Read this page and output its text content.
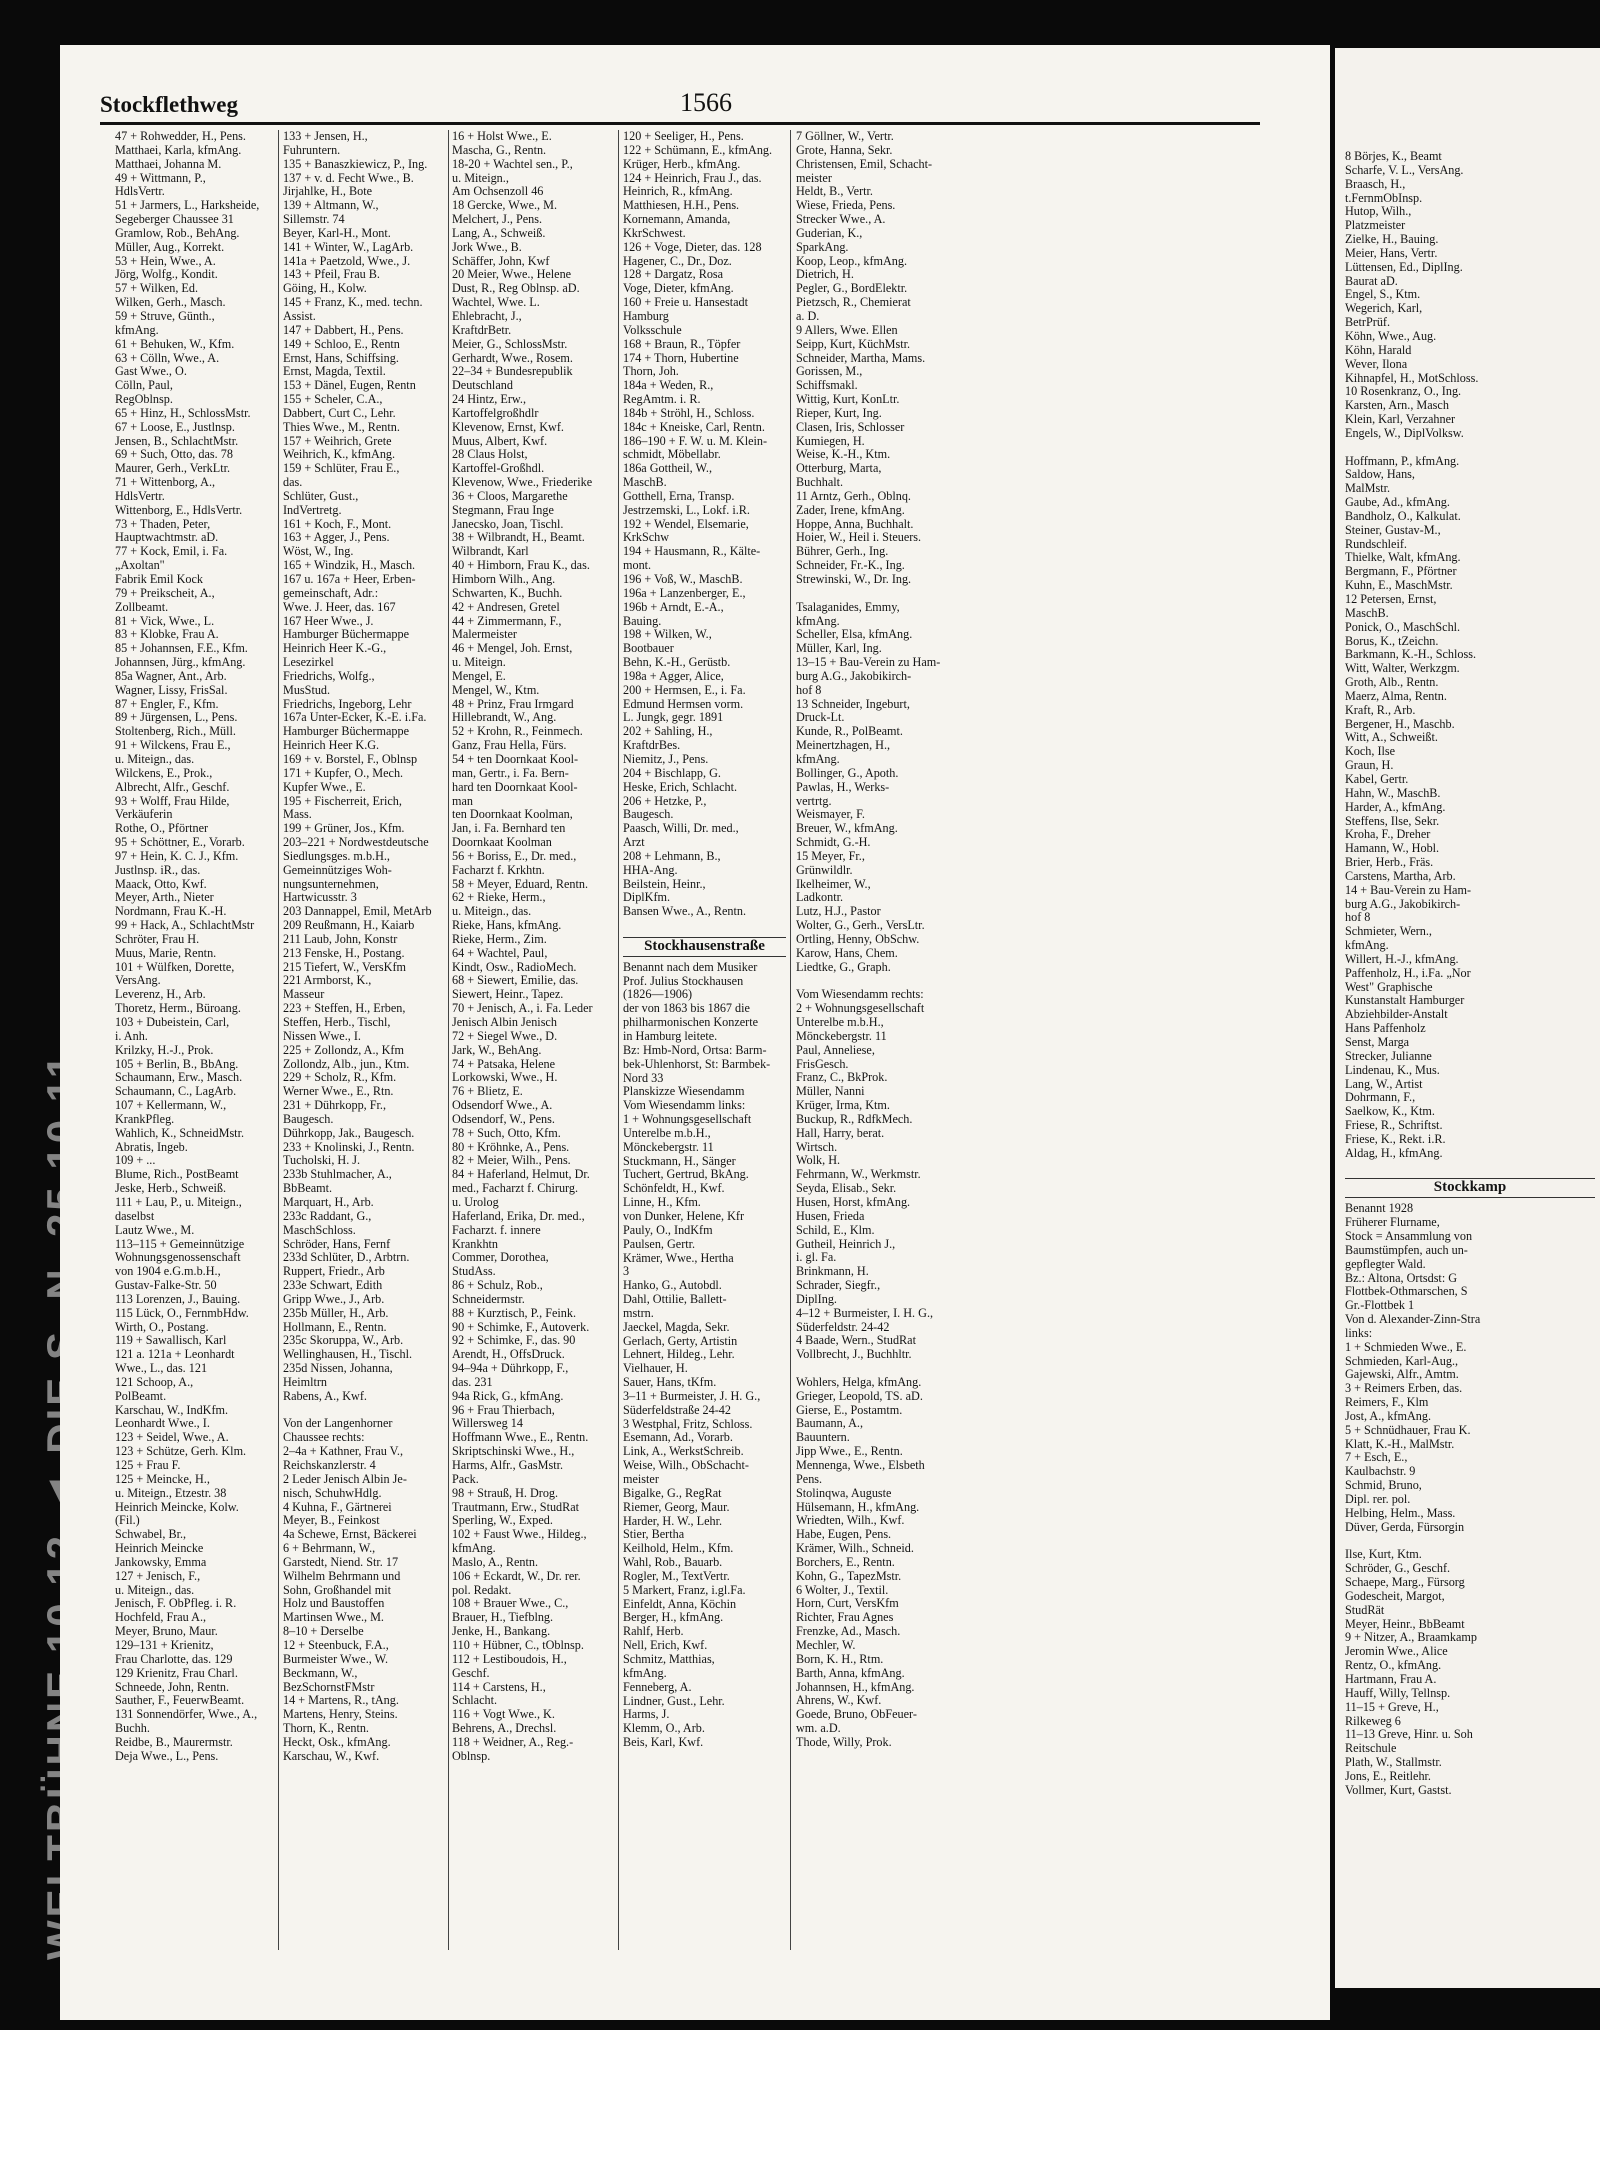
Stockflethweg	1566
47 + Rohwedder, H., Pens.
Matthaei, Karla, kfmAng.
Matthaei, Johanna M.
49 + Wittmann, P.,
HdlsVertr.
51 + Jarmers, L., Harksheide,
Segeberger Chaussee 31
Gramlow, Rob., BehAng.
Müller, Aug., Korrekt.
53 + Hein, Wwe., A.
Jörg, Wolfg., Kondit.
57 + Wilken, Ed.
Wilken, Gerh., Masch.
59 + Struve, Günth.,
kfmAng.
61 + Behuken, W., Kfm.
63 + Cölln, Wwe., A.
Gast Wwe., O.
Cölln, Paul,
RegOblnsp.
65 + Hinz, H., SchlossMstr.
67 + Loose, E., Justlnsp.
Jensen, B., SchlachtMstr.
69 + Such, Otto, das. 78
Maurer, Gerh., VerkLtr.
71 + Wittenborg, A.,
HdlsVertr.
Wittenborg, E., HdlsVertr.
73 + Thaden, Peter,
Hauptwachtmstr. aD.
77 + Kock, Emil, i. Fa.
„Axoltan"
Fabrik Emil Kock
79 + Preikscheit, A.,
Zollbeamt.
81 + Vick, Wwe., L.
83 + Klobke, Frau A.
85 + Johannsen, F.E., Kfm.
Johannsen, Jürg., kfmAng.
85a Wagner, Ant., Arb.
Wagner, Lissy, FrisSal.
87 + Engler, F., Kfm.
89 + Jürgensen, L., Pens.
Stoltenberg, Rich., Müll.
91 + Wilckens, Frau E.,
u. Miteign., das.
Wilckens, E., Prok.,
Albrecht, Alfr., Geschf.
93 + Wolff, Frau Hilde,
Verkäuferin
Rothe, O., Pförtner
95 + Schöttner, E., Vorarb.
97 + Hein, K. C. J., Kfm.
Justlnsp. iR., das.
Maack, Otto, Kwf.
Meyer, Arth., Nieter
Nordmann, Frau K.-H.
99 + Hack, A., SchlachtMstr
Schröter, Frau H.
Muus, Marie, Rentn.
101 + Wülfken, Dorette,
VersAng.
Leverenz, H., Arb.
Thoretz, Herm., Büroang.
103 + Dubeistein, Carl,
i. Anh.
Krilzky, H.-J., Prok.
105 + Berlin, B., BbAng.
Schaumann, Erw., Masch.
Schaumann, C., LagArb.
107 + Kellermann, W.,
KrankPfleg.
Wahlich, K., SchneidMstr.
Abratis, Ingeb.
109 + ...
Blume, Rich., PostBeamt
Jeske, Herb., Schweiß.
111 + Lau, P., u. Miteign.,
daselbst
Lautz Wwe., M.
113–115 + Gemeinnützige
Wohnungsgenossenschaft
von 1904 e.G.m.b.H.,
Gustav-Falke-Str. 50
113 Lorenzen, J., Bauing.
115 Lück, O., FernmbHdw.
Wirth, O., Postang.
119 + Sawallisch, Karl
121 a. 121a + Leonhardt
Wwe., L., das. 121
121 Schoop, A.,
PolBeamt.
Karschau, W., IndKfm.
Leonhardt Wwe., I.
123 + Seidel, Wwe., A.
123 + Schütze, Gerh. Klm.
125 + Frau F.
125 + Meincke, H.,
u. Miteign., Etzestr. 38
Heinrich Meincke, Kolw.
(Fil.)
Schwabel, Br.,
Heinrich Meincke
Jankowsky, Emma
127 + Jenisch, F.,
u. Miteign., das.
Jenisch, F. ObPfleg. i. R.
Hochfeld, Frau A.,
Meyer, Bruno, Maur.
129–131 + Krienitz,
Frau Charlotte, das. 129
129 Krienitz, Frau Charl.
Schneede, John, Rentn.
Sauther, F., FeuerwBeamt.
131 Sonnendörfer, Wwe., A.,
Buchh.
Reidbe, B., Maurermstr.
Deja Wwe., L., Pens.
133 + Jensen, H.,
Fuhruntern.
135 + Banaszkiewicz, P., Ing.
137 + v. d. Fecht Wwe., B.
Jirjahlke, H., Bote
139 + Altmann, W.,
Sillemstr. 74
Beyer, Karl-H., Mont.
141 + Winter, W., LagArb.
141a + Paetzold, Wwe., J.
143 + Pfeil, Frau B.
Göing, H., Kolw.
145 + Franz, K., med. techn.
Assist.
147 + Dabbert, H., Pens.
149 + Schloo, E., Rentn
Ernst, Hans, Schiffsing.
Ernst, Magda, Textil.
153 + Dänel, Eugen, Rentn
155 + Scheler, C.A.,
Dabbert, Curt C., Lehr.
Thies Wwe., M., Rentn.
157 + Weihrich, Grete
Weihrich, K., kfmAng.
159 + Schlüter, Frau E.,
das.
Schlüter, Gust.,
IndVertretg.
161 + Koch, F., Mont.
163 + Agger, J., Pens.
Wöst, W., Ing.
165 + Windzik, H., Masch.
167 u. 167a + Heer, Erben-
gemeinschaft, Adr.:
Wwe. J. Heer, das. 167
167 Heer Wwe., J.
Hamburger Büchermappe
Heinrich Heer K.-G.,
Lesezirkel
Friedrichs, Wolfg.,
MusStud.
Friedrichs, Ingeborg, Lehr
167a Unter-Ecker, K.-E. i.Fa.
Hamburger Büchermappe
Heinrich Heer K.G.
169 + v. Borstel, F., Oblnsp
171 + Kupfer, O., Mech.
Kupfer Wwe., E.
195 + Fischerreit, Erich,
Mass.
199 + Grüner, Jos., Kfm.
203–221 + Nordwestdeutsche
Siedlungsges. m.b.H.,
Gemeinnütziges Woh-
nungsunternehmen,
Hartwicusstr. 3
203 Dannappel, Emil, MetArb
209 Reußmann, H., Kaiarb
211 Laub, John, Konstr
213 Fenske, H., Postang.
215 Tiefert, W., VersKfm
221 Armborst, K.,
Masseur
223 + Steffen, H., Erben,
Steffen, Herb., Tischl,
Nissen Wwe., I.
225 + Zollondz, A., Kfm
Zollondz, Alb., jun., Ktm.
229 + Scholz, R., Kfm.
Werner Wwe., E., Rtn.
231 + Dührkopp, Fr.,
Baugesch.
Dührkopp, Jak., Baugesch.
233 + Knolinski, J., Rentn.
Tucholski, H. J.
233b Stuhlmacher, A.,
BbBeamt.
Marquart, H., Arb.
233c Raddant, G.,
MaschSchloss.
Schröder, Hans, Fernf
233d Schlüter, D., Arbtrn.
Ruppert, Friedr., Arb
233e Schwart, Edith
Gripp Wwe., J., Arb.
235b Müller, H., Arb.
Hollmann, E., Rentn.
235c Skoruppa, W., Arb.
Wellinghausen, H., Tischl.
235d Nissen, Johanna,
Heimltrn
Rabens, A., Kwf.

Von der Langenhorner
Chaussee rechts:
2–4a + Kathner, Frau V.,
Reichskanzlerstr. 4
2 Leder Jenisch Albin Je-
nisch, SchuhwHdlg.
4 Kuhna, F., Gärtnerei
Meyer, B., Feinkost
4a Schewe, Ernst, Bäckerei
6 + Behrmann, W.,
Garstedt, Niend. Str. 17
Wilhelm Behrmann und
Sohn, Großhandel mit
Holz und Baustoffen
Martinsen Wwe., M.
8–10 + Derselbe
12 + Steenbuck, F.A.,
Burmeister Wwe., W.
Beckmann, W.,
BezSchornstFMstr
14 + Martens, R., tAng.
Martens, Henry, Steins.
Thorn, K., Rentn.
Heckt, Osk., kfmAng.
Karschau, W., Kwf.
16 + Holst Wwe., E.
Mascha, G., Rentn.
18-20 + Wachtel sen., P.,
u. Miteign.,
Am Ochsenzoll 46
18 Gercke, Wwe., M.
Melchert, J., Pens.
Lang, A., Schweiß.
Jork Wwe., B.
Schäffer, John, Kwf
20 Meier, Wwe., Helene
Dust, R., Reg Oblnsp. aD.
Wachtel, Wwe. L.
Ehlebracht, J.,
KraftdrBetr.
Meier, G., SchlossMstr.
Gerhardt, Wwe., Rosem.
22–34 + Bundesrepublik
Deutschland
24 Hintz, Erw.,
Kartoffelgroßhdlr
Klevenow, Ernst, Kwf.
Muus, Albert, Kwf.
28 Claus Holst,
Kartoffel-Großhdl.
Klevenow, Wwe., Friederike
36 + Cloos, Margarethe
Stegmann, Frau Inge
Janecsko, Joan, Tischl.
38 + Wilbrandt, H., Beamt.
Wilbrandt, Karl
40 + Himborn, Frau K., das.
Himborn Wilh., Ang.
Schwarten, K., Buchh.
42 + Andresen, Gretel
44 + Zimmermann, F.,
Malermeister
46 + Mengel, Joh. Ernst,
u. Miteign.
Mengel, E.
Mengel, W., Ktm.
48 + Prinz, Frau Irmgard
Hillebrandt, W., Ang.
52 + Krohn, R., Feinmech.
Ganz, Frau Hella, Fürs.
54 + ten Doornkaat Kool-
man, Gertr., i. Fa. Bern-
hard ten Doornkaat Kool-
man
ten Doornkaat Koolman,
Jan, i. Fa. Bernhard ten
Doornkaat Koolman
56 + Boriss, E., Dr. med.,
Facharzt f. Krkhtn.
58 + Meyer, Eduard, Rentn.
62 + Rieke, Herm.,
u. Miteign., das.
Rieke, Hans, kfmAng.
Rieke, Herm., Zim.
64 + Wachtel, Paul,
Kindt, Osw., RadioMech.
68 + Siewert, Emilie, das.
Siewert, Heinr., Tapez.
70 + Jenisch, A., i. Fa. Leder
Jenisch Albin Jenisch
72 + Siegel Wwe., D.
Jark, W., BehAng.
74 + Patsaka, Helene
Lorkowski, Wwe., H.
76 + Blietz, E.
Odsendorf Wwe., A.
Odsendorf, W., Pens.
78 + Such, Otto, Kfm.
80 + Kröhnke, A., Pens.
82 + Meier, Wilh., Pens.
84 + Haferland, Helmut, Dr.
med., Facharzt f. Chirurg.
u. Urolog
Haferland, Erika, Dr. med.,
Facharzt. f. innere
Krankhtn
Commer, Dorothea,
StudAss.
86 + Schulz, Rob.,
Schneidermstr.
88 + Kurztisch, P., Feink.
90 + Schimke, F., Autoverk.
92 + Schimke, F., das. 90
Arendt, H., OffsDruck.
94–94a + Dührkopp, F.,
das. 231
94a Rick, G., kfmAng.
96 + Frau Thierbach,
Willersweg 14
Hoffmann Wwe., E., Rentn.
Skriptschinski Wwe., H.,
Harms, Alfr., GasMstr.
Pack.
98 + Strauß, H. Drog.
Trautmann, Erw., StudRat
Sperling, W., Exped.
102 + Faust Wwe., Hildeg.,
kfmAng.
Maslo, A., Rentn.
106 + Eckardt, W., Dr. rer.
pol. Redakt.
108 + Brauer Wwe., C.,
Brauer, H., Tiefblng.
Jenke, H., Bankang.
110 + Hübner, C., tOblnsp.
112 + Lestiboudois, H.,
Geschf.
114 + Carstens, H.,
Schlacht.
116 + Vogt Wwe., K.
Behrens, A., Drechsl.
118 + Weidner, A., Reg.-
Oblnsp.
120 + Seeliger, H., Pens.
122 + Schümann, E., kfmAng.
Krüger, Herb., kfmAng.
124 + Heinrich, Frau J., das.
Heinrich, R., kfmAng.
Matthiesen, H.H., Pens.
Kornemann, Amanda,
KkrSchwest.
126 + Voge, Dieter, das. 128
Hagener, C., Dr., Doz.
128 + Dargatz, Rosa
Voge, Dieter, kfmAng.
160 + Freie u. Hansestadt
Hamburg
Volksschule
168 + Braun, R., Töpfer
174 + Thorn, Hubertine
Thorn, Joh.
184a + Weden, R.,
RegAmtm. i. R.
184b + Ströhl, H., Schloss.
184c + Kneiske, Carl, Rentn.
186–190 + F. W. u. M. Klein-
schmidt, Möbellabr.
186a Gottheil, W.,
MaschB.
Gotthell, Erna, Transp.
Jestrzemski, L., Lokf. i.R.
192 + Wendel, Elsemarie,
KrkSchw
194 + Hausmann, R., Kälte-
mont.
196 + Voß, W., MaschB.
196a + Lanzenberger, E.,
196b + Arndt, E.-A.,
Bauing.
198 + Wilken, W.,
Bootbauer
Behn, K.-H., Gerüstb.
198a + Agger, Alice,
200 + Hermsen, E., i. Fa.
Edmund Hermsen vorm.
L. Jungk, gegr. 1891
202 + Sahling, H.,
KraftdrBes.
Niemitz, J., Pens.
204 + Bischlapp, G.
Heske, Erich, Schlacht.
206 + Hetzke, P.,
Baugesch.
Paasch, Willi, Dr. med.,
Arzt
208 + Lehmann, B.,
HHA-Ang.
Beilstein, Heinr.,
DiplKfm.
Bansen Wwe., A., Rentn.

Stockhausenstraße
Benannt nach dem Musiker
Prof. Julius Stockhausen
(1826—1906)
der von 1863 bis 1867 die
philharmonischen Konzerte
in Hamburg leitete.
Bz: Hmb-Nord, Ortsa: Barm-
bek-Uhlenhorst, St: Barmbek-
Nord 33
Planskizze Wiesendamm
Vom Wiesendamm links:
1 + Wohnungsgesellschaft
Unterelbe m.b.H.,
Mönckebergstr. 11
Stuckmann, H., Sänger
Tuchert, Gertrud, BkAng.
Schönfeldt, H., Kwf.
Linne, H., Kfm.
von Dunker, Helene, Kfr
Pauly, O., IndKfm
Paulsen, Gertr.
Krämer, Wwe., Hertha
3
Hanko, G., Autobdl.
Dahl, Ottilie, Ballett-
mstrn.
Jaeckel, Magda, Sekr.
Gerlach, Gerty, Artistin
Lehnert, Hildeg., Lehr.
Vielhauer, H.
Sauer, Hans, tKfm.
3–11 + Burmeister, J. H. G.,
Süderfeldstraße 24-42
3 Westphal, Fritz, Schloss.
Esemann, Ad., Vorarb.
Link, A., WerkstSchreib.
Weise, Wilh., ObSchacht-
meister
Bigalke, G., RegRat
Riemer, Georg, Maur.
Harder, H. W., Lehr.
Stier, Bertha
Keilhold, Helm., Kfm.
Wahl, Rob., Bauarb.
Rogler, M., TextVertr.
5 Markert, Franz, i.gl.Fa.
Einfeldt, Anna, Köchin
Berger, H., kfmAng.
Rahlf, Herb.
Nell, Erich, Kwf.
Schmitz, Matthias,
kfmAng.
Fenneberg, A.
Lindner, Gust., Lehr.
Harms, J.
Klemm, O., Arb.
Beis, Karl, Kwf.
7 Göllner, W., Vertr.
Grote, Hanna, Sekr.
Christensen, Emil, Schacht-
meister
Heldt, B., Vertr.
Wiese, Frieda, Pens.
Strecker Wwe., A.
Guderian, K.,
SparkAng.
Koop, Leop., kfmAng.
Dietrich, H.
Pegler, G., BordElektr.
Pietzsch, R., Chemierat
a. D.
9 Allers, Wwe. Ellen
Seipp, Kurt, KüchMstr.
Schneider, Martha, Mams.
Gorissen, M.,
Schiffsmakl.
Wittig, Kurt, KonLtr.
Rieper, Kurt, Ing.
Clasen, Iris, Schlosser
Kumiegen, H.
Weise, K.-H., Ktm.
Otterburg, Marta,
Buchhalt.
11 Arntz, Gerh., Oblnq.
Zader, Irene, kfmAng.
Hoppe, Anna, Buchhalt.
Hoier, W., Heil i. Steuers.
Bührer, Gerh., Ing.
Schneider, Fr.-K., Ing.
Strewinski, W., Dr. Ing.

Tsalaganides, Emmy,
kfmAng.
Scheller, Elsa, kfmAng.
Müller, Karl, Ing.
13–15 + Bau-Verein zu Ham-
burg A.G., Jakobikirch-
hof 8
13 Schneider, Ingeburt,
Druck-Lt.
Kunde, R., PolBeamt.
Meinertzhagen, H.,
kfmAng.
Bollinger, G., Apoth.
Pawlas, H., Werks-
vertrtg.
Weismayer, F.
Breuer, W., kfmAng.
Schmidt, G.-H.
15 Meyer, Fr.,
Grünwildlr.
Ikelheimer, W.,
Ladkontr.
Lutz, H.J., Pastor
Wolter, G., Gerh., VersLtr.
Ortling, Henny, ObSchw.
Karow, Hans, Chem.
Liedtke, G., Graph.

Vom Wiesendamm rechts:
2 + Wohnungsgesellschaft
Unterelbe m.b.H.,
Mönckebergstr. 11
Paul, Anneliese,
FrisGesch.
Franz, C., BkProk.
Müller, Nanni
Krüger, Irma, Ktm.
Buckup, R., RdfkMech.
Hall, Harry, berat.
Wirtsch.
Wolk, H.
Fehrmann, W., Werkmstr.
Seyda, Elisab., Sekr.
Husen, Horst, kfmAng.
Husen, Frieda
Schild, E., Klm.
Gutheil, Heinrich J.,
i. gl. Fa.
Brinkmann, H.
Schrader, Siegfr.,
DiplIng.
4–12 + Burmeister, I. H. G.,
Süderfeldstr. 24-42
4 Baade, Wern., StudRat
Vollbrecht, J., Buchhltr.

Wohlers, Helga, kfmAng.
Grieger, Leopold, TS. aD.
Gierse, E., Postamtm.
Baumann, A.,
Bauuntern.
Jipp Wwe., E., Rentn.
Mennenga, Wwe., Elsbeth
Pens.
Stolinqwa, Auguste
Hülsemann, H., kfmAng.
Wriedten, Wilh., Kwf.
Habe, Eugen, Pens.
Krämer, Wilh., Schneid.
Borchers, E., Rentn.
Kohn, G., TapezMstr.
6 Wolter, J., Textil.
Horn, Curt, VersKfm
Richter, Frau Agnes
Frenzke, Ad., Masch.
Mechler, W.
Born, K. H., Rtm.
Barth, Anna, kfmAng.
Johannsen, H., kfmAng.
Ahrens, W., Kwf.
Goede, Bruno, ObFeuer-
wm. a.D.
Thode, Willy, Prok.
8 Börjes, K., Beamt
Scharfe, V. L., VersAng.
Braasch, H.,
t.FernmObInsp.
Hutop, Wilh.,
Platzmeister
Zielke, H., Bauing.
Meier, Hans, Vertr.
Lüttensen, Ed., DiplIng.
Baurat aD.
Engel, S., Ktm.
Wegerich, Karl,
BetrPrüf.
Köhn, Wwe., Aug.
Köhn, Harald
Wever, Ilona
Kihnapfel, H., MotSchloss.
10 Rosenkranz, O., Ing.
Karsten, Arn., Masch
Klein, Karl, Verzahner
Engels, W., DiplVolksw.

Hoffmann, P., kfmAng.
Saldow, Hans,
MalMstr.
Gaube, Ad., kfmAng.
Bandholz, O., Kalkulat.
Steiner, Gustav-M.,
Rundschleif.
Thielke, Walt, kfmAng.
Bergmann, F., Pförtner
Kuhn, E., MaschMstr.
12 Petersen, Ernst,
MaschB.
Ponick, O., MaschSchl.
Borus, K., tZeichn.
Barkmann, K.-H., Schloss.
Witt, Walter, Werkzgm.
Groth, Alb., Rentn.
Maerz, Alma, Rentn.
Kraft, R., Arb.
Bergener, H., Maschb.
Witt, A., Schweißt.
Koch, Ilse
Graun, H.
Kabel, Gertr.
Hahn, W., MaschB.
Harder, A., kfmAng.
Steffens, Ilse, Sekr.
Kroha, F., Dreher
Hamann, W., Hobl.
Brier, Herb., Fräs.
Carstens, Martha, Arb.
14 + Bau-Verein zu Ham-
burg A.G., Jakobikirch-
hof 8
Schmieter, Wern.,
kfmAng.
Willert, H.-J., kfmAng.
Paffenholz, H., i.Fa. „Nor
West" Graphische
Kunstanstalt Hamburger
Abziehbilder-Anstalt
Hans Paffenholz
Senst, Marga
Strecker, Julianne
Lindenau, K., Mus.
Lang, W., Artist
Dohrmann, F.,
Saelkow, K., Ktm.
Friese, R., Schriftst.
Friese, K., Rekt. i.R.
Aldag, H., kfmAng.

Stockkamp
Benannt 1928
Früherer Flurname,
Stock = Ansammlung von
Baumstümpfen, auch un-
gepflegter Wald.
Bz.: Altona, Ortsdst: G
Flottbek-Othmarschen, S
Gr.-Flottbek 1
Von d. Alexander-Zinn-Stra
links:
1 + Schmieden Wwe., E.
Schmieden, Karl-Aug.,
Gajewski, Alfr., Amtm.
3 + Reimers Erben, das.
Reimers, F., Klm
Jost, A., kfmAng.
5 + Schnüdhauer, Frau K.
Klatt, K.-H., MalMstr.
7 + Esch, E.,
Kaulbachstr. 9
Schmid, Bruno,
Dipl. rer. pol.
Helbing, Helm., Mass.
Düver, Gerda, Fürsorgin

Ilse, Kurt, Ktm.
Schröder, G., Geschf.
Schaepe, Marg., Fürsorg
Godescheit, Margot,
StudRät
Meyer, Heinr., BbBeamt
9 + Nitzer, A., Braamkamp
Jeromin Wwe., Alice
Rentz, O., kfmAng.
Hartmann, Frau A.
Hauff, Willy, Tellnsp.
11–15 + Greve, H.,
Rilkeweg 6
11–13 Greve, Hinr. u. Soh
Reitschule
Plath, W., Stallmstr.
Jons, E., Reitlehr.
Vollmer, Kurt, Gastst.
